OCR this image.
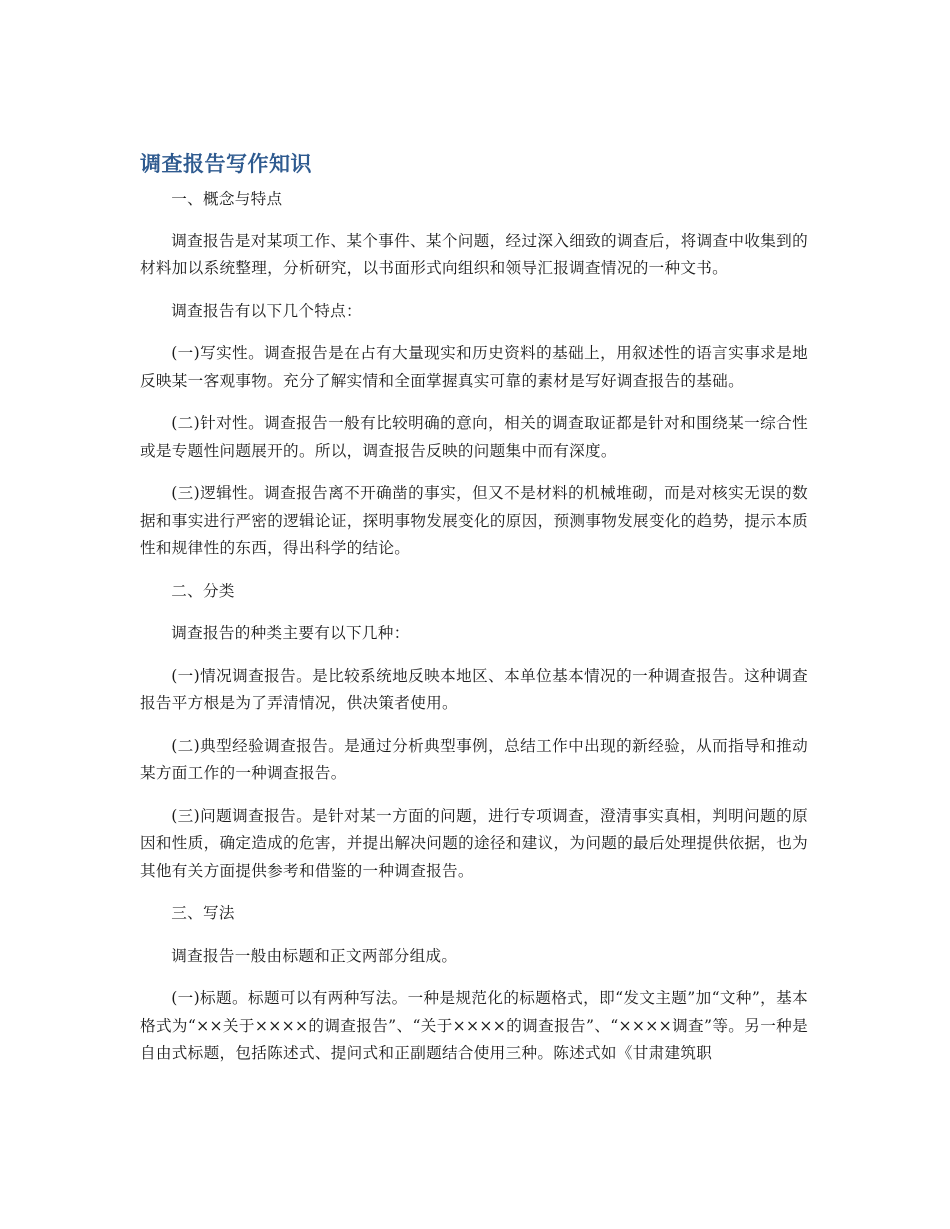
调查报告写作知识
一、概念与特点

调查报告是对某项工作、某个事件、某个问题，经过深入细致的调查后，将调查中收集到的材料加以系统整理，分析研究，以书面形式向组织和领导汇报调查情况的一种文书。

调查报告有以下几个特点：

(一)写实性。调查报告是在占有大量现实和历史资料的基础上，用叙述性的语言实事求是地反映某一客观事物。充分了解实情和全面掌握真实可靠的素材是写好调查报告的基础。

(二)针对性。调查报告一般有比较明确的意向，相关的调查取证都是针对和围绕某一综合性或是专题性问题展开的。所以，调查报告反映的问题集中而有深度。

(三)逻辑性。调查报告离不开确凿的事实，但又不是材料的机械堆砌，而是对核实无误的数据和事实进行严密的逻辑论证，探明事物发展变化的原因，预测事物发展变化的趋势，提示本质性和规律性的东西，得出科学的结论。

二、分类

调查报告的种类主要有以下几种：

(一)情况调查报告。是比较系统地反映本地区、本单位基本情况的一种调查报告。这种调查报告平方根是为了弄清情况，供决策者使用。

(二)典型经验调查报告。是通过分析典型事例，总结工作中出现的新经验，从而指导和推动某方面工作的一种调查报告。

(三)问题调查报告。是针对某一方面的问题，进行专项调查，澄清事实真相，判明问题的原因和性质，确定造成的危害，并提出解决问题的途径和建议，为问题的最后处理提供依据，也为其他有关方面提供参考和借鉴的一种调查报告。

三、写法

调查报告一般由标题和正文两部分组成。

(一)标题。标题可以有两种写法。一种是规范化的标题格式，即“发文主题”加“文种”，基本格式为“××关于××××的调查报告”、“关于××××的调查报告”、“××××调查”等。另一种是自由式标题，包括陈述式、提问式和正副题结合使用三种。陈述式如《甘肃建筑职
